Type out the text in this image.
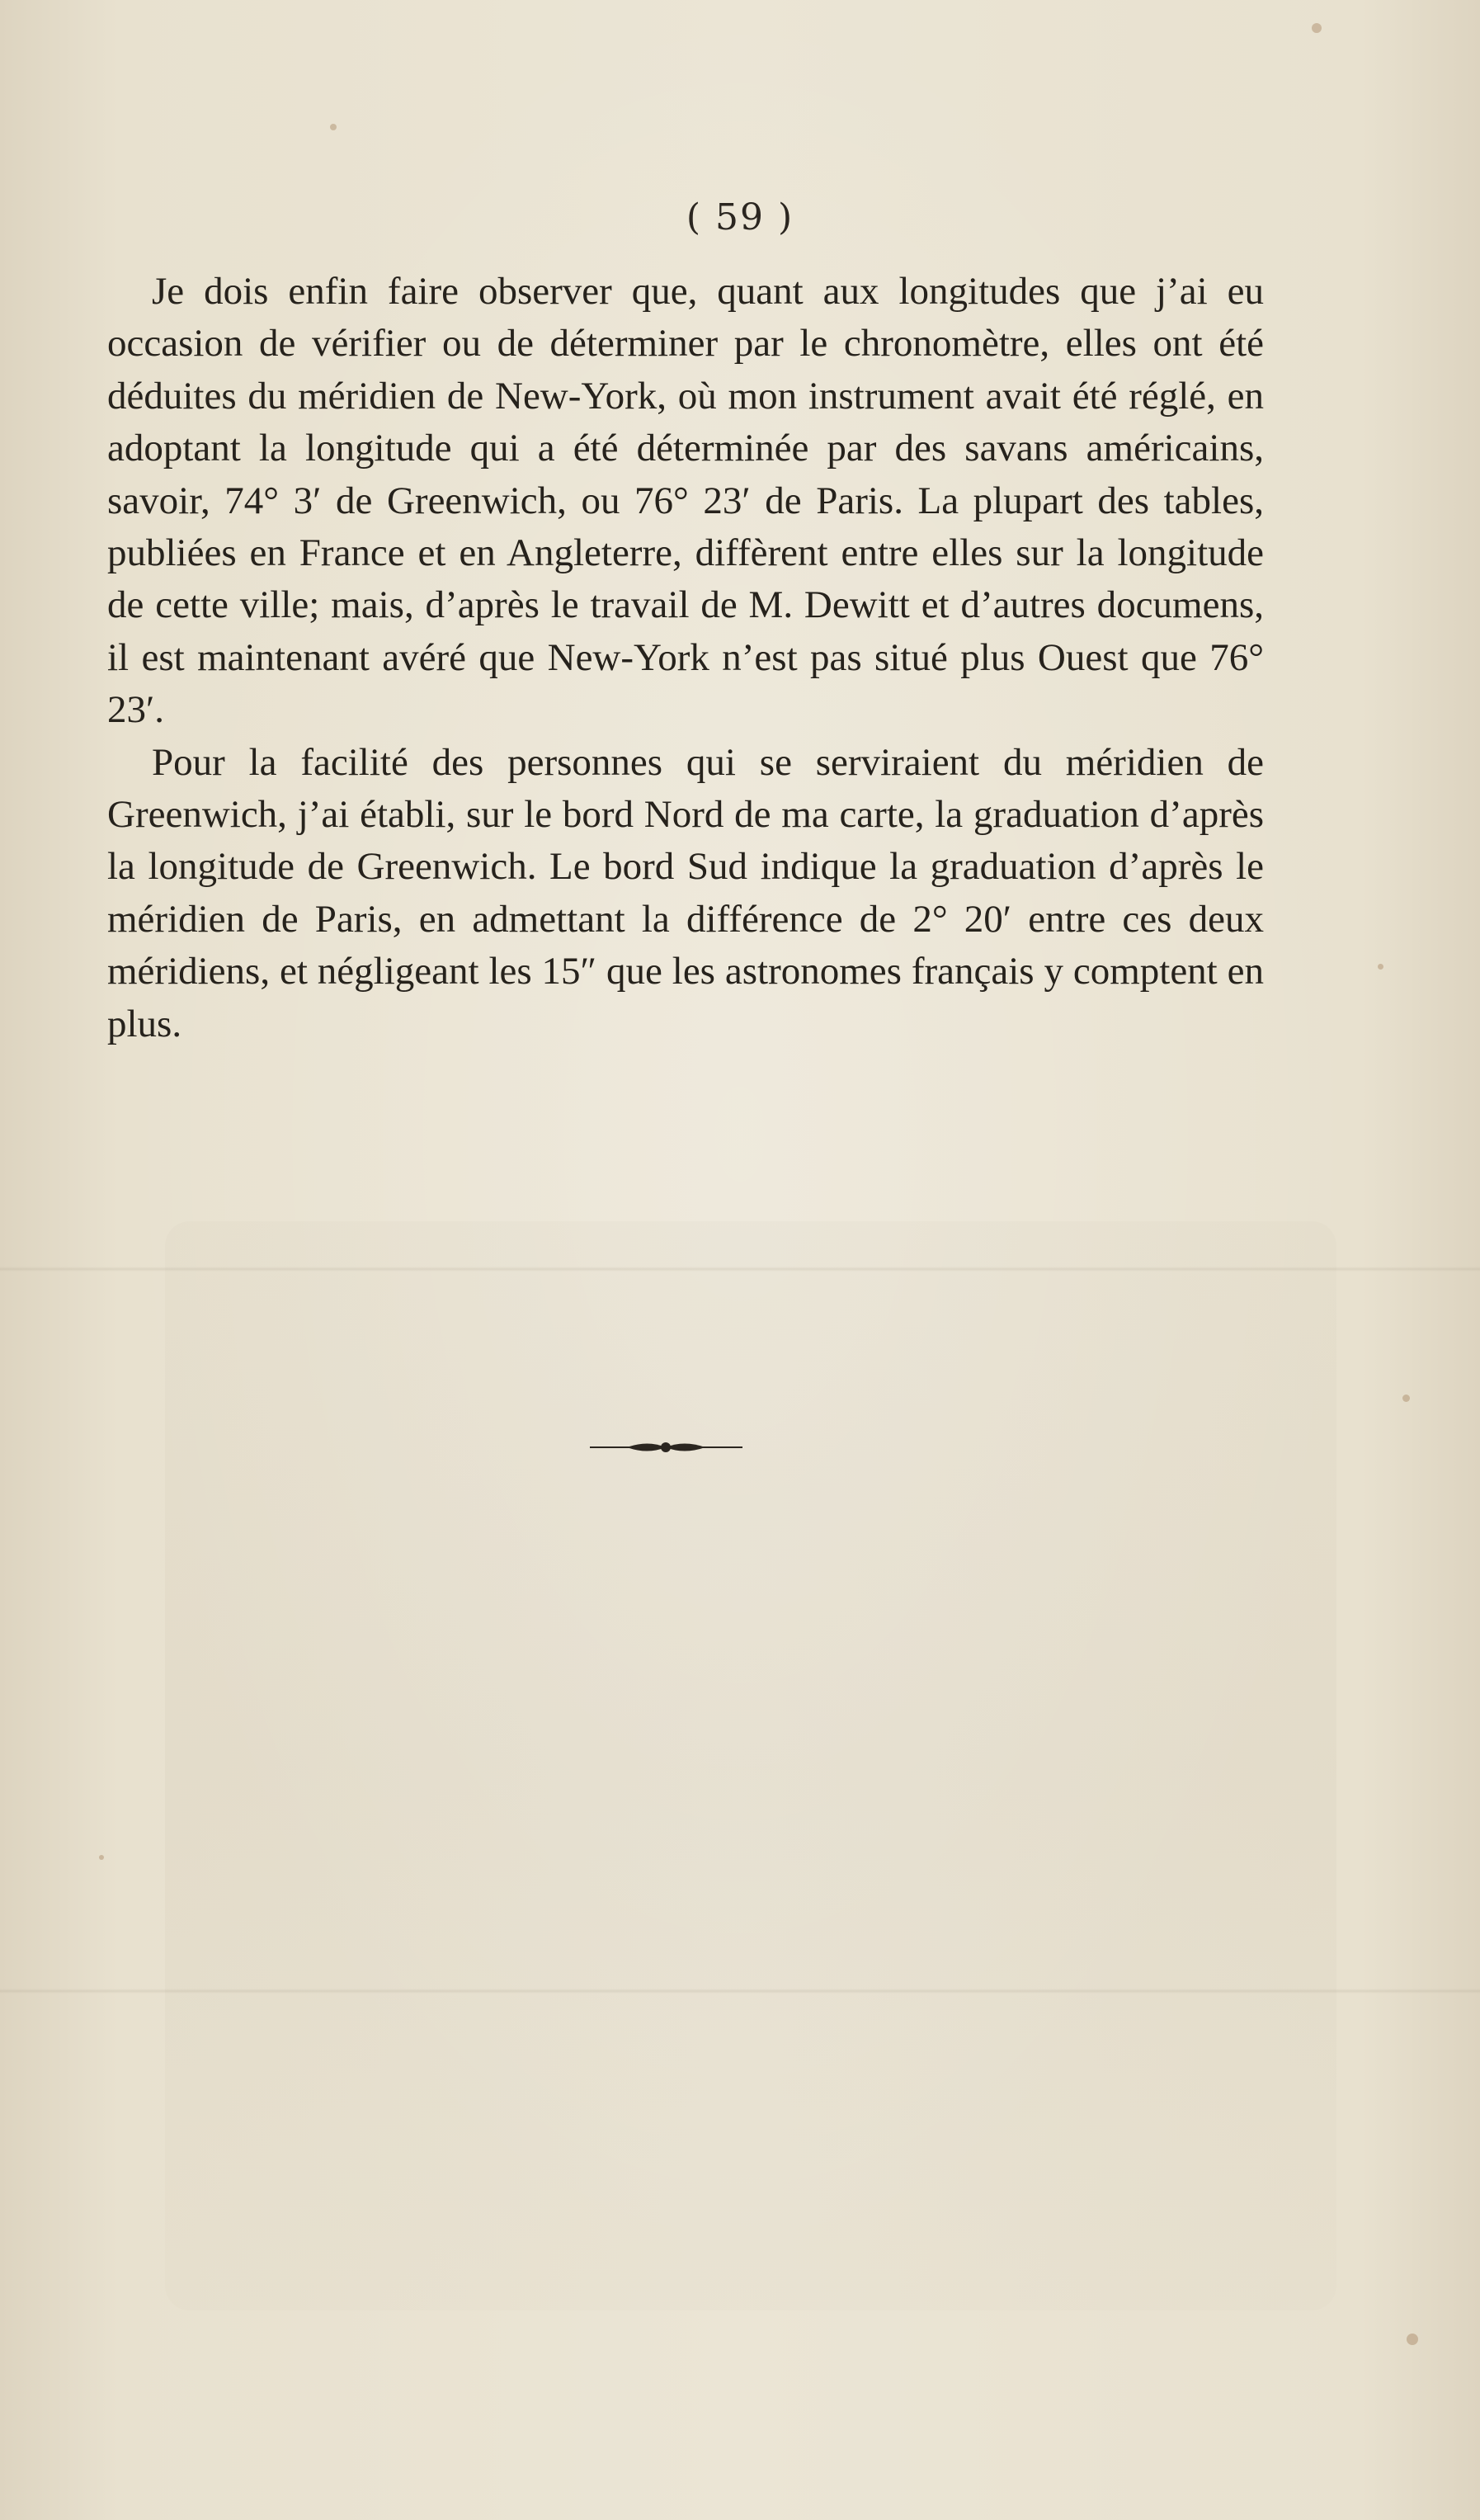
( 59 )

Je dois enfin faire observer que, quant aux longitudes que j’ai eu occasion de vérifier ou de déterminer par le chronomètre, elles ont été déduites du méridien de New-York, où mon instrument avait été réglé, en adoptant la longitude qui a été déterminée par des savans américains, savoir, 74° 3′ de Greenwich, ou 76° 23′ de Paris. La plupart des tables, publiées en France et en Angleterre, diffèrent entre elles sur la longitude de cette ville; mais, d’après le travail de M. Dewitt et d’autres documens, il est maintenant avéré que New-York n’est pas situé plus Ouest que 76° 23′.

Pour la facilité des personnes qui se serviraient du méridien de Greenwich, j’ai établi, sur le bord Nord de ma carte, la graduation d’après la longitude de Greenwich. Le bord Sud indique la graduation d’après le méridien de Paris, en admettant la différence de 2° 20′ entre ces deux méridiens, et négligeant les 15″ que les astronomes français y comptent en plus.
